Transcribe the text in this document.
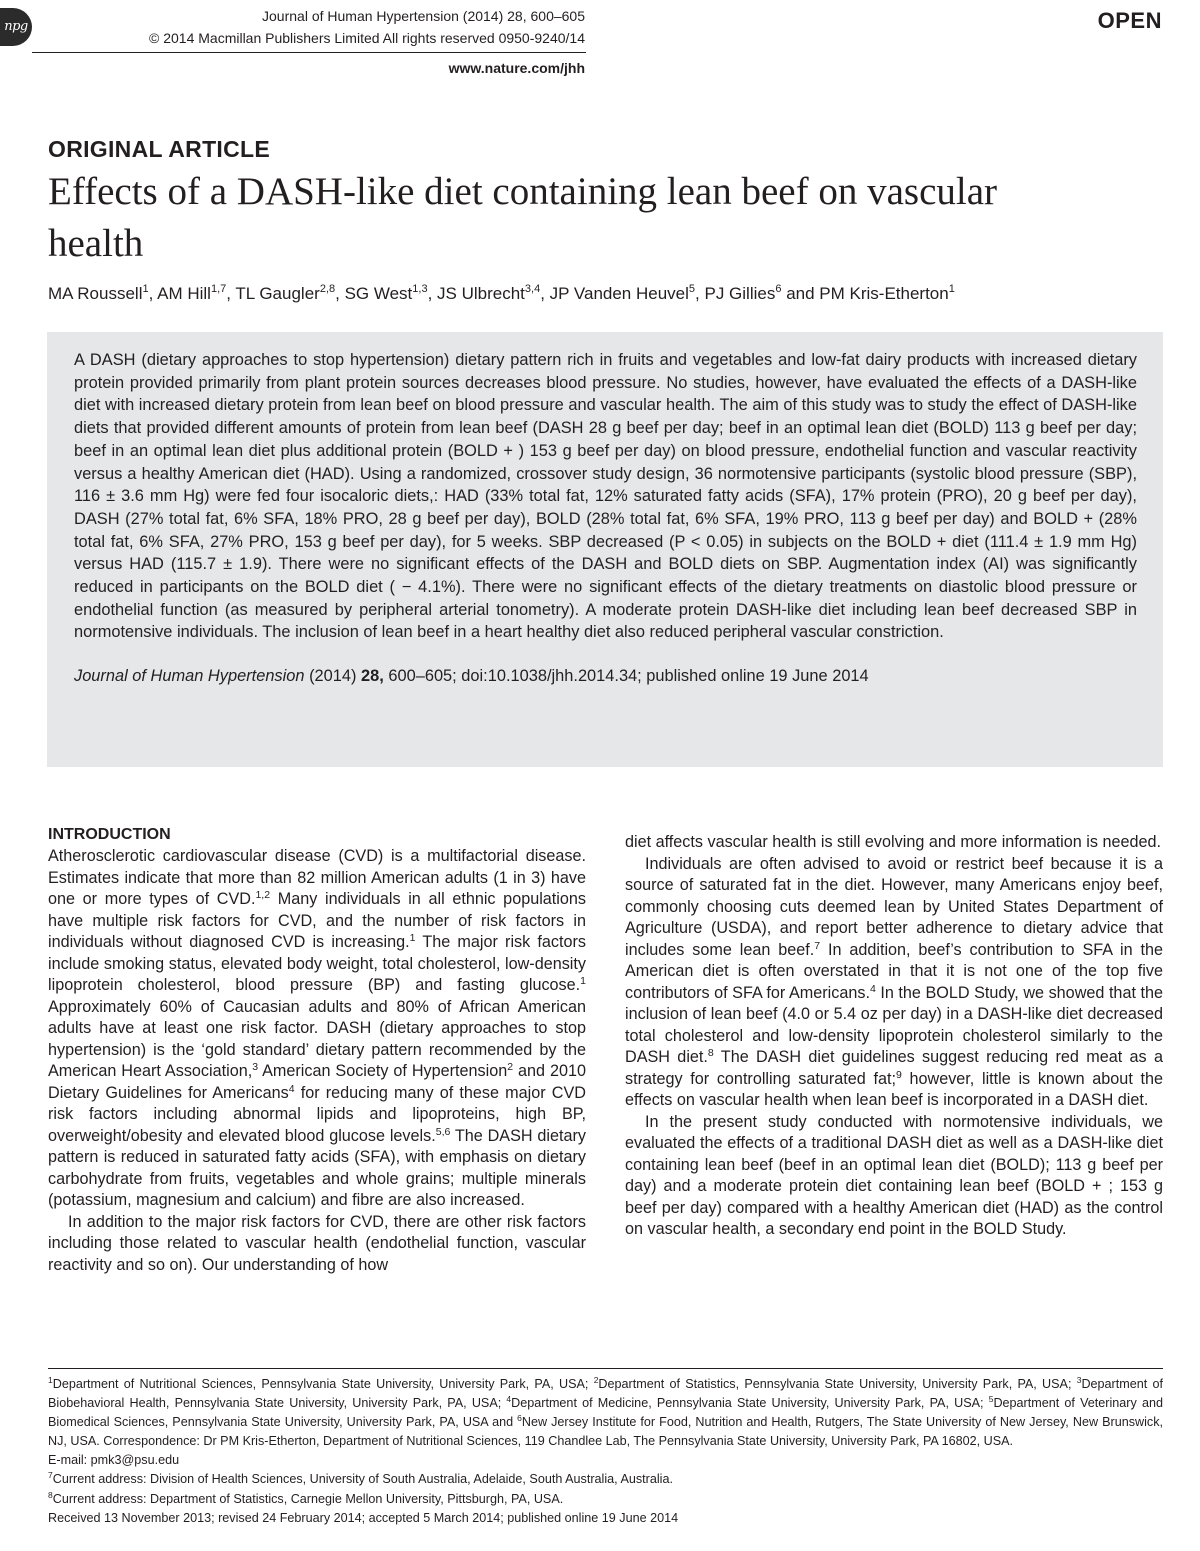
npg
Journal of Human Hypertension (2014) 28, 600–605
© 2014 Macmillan Publishers Limited All rights reserved 0950-9240/14
www.nature.com/jhh
OPEN
ORIGINAL ARTICLE
Effects of a DASH-like diet containing lean beef on vascular health
MA Roussell$^1$, AM Hill$^{1,7}$, TL Gaugler$^{2,8}$, SG West$^{1,3}$, JS Ulbrecht$^{3,4}$, JP Vanden Heuvel$^5$, PJ Gillies$^6$ and PM Kris-Etherton$^1$

A DASH (dietary approaches to stop hypertension) dietary pattern rich in fruits and vegetables and low-fat dairy products with increased dietary protein provided primarily from plant protein sources decreases blood pressure. No studies, however, have evaluated the effects of a DASH-like diet with increased dietary protein from lean beef on blood pressure and vascular health. The aim of this study was to study the effect of DASH-like diets that provided different amounts of protein from lean beef (DASH 28 g beef per day; beef in an optimal lean diet (BOLD) 113 g beef per day; beef in an optimal lean diet plus additional protein (BOLD + ) 153 g beef per day) on blood pressure, endothelial function and vascular reactivity versus a healthy American diet (HAD). Using a randomized, crossover study design, 36 normotensive participants (systolic blood pressure (SBP), 116 ± 3.6 mm Hg) were fed four isocaloric diets,: HAD (33% total fat, 12% saturated fatty acids (SFA), 17% protein (PRO), 20 g beef per day), DASH (27% total fat, 6% SFA, 18% PRO, 28 g beef per day), BOLD (28% total fat, 6% SFA, 19% PRO, 113 g beef per day) and BOLD + (28% total fat, 6% SFA, 27% PRO, 153 g beef per day), for 5 weeks. SBP decreased (P < 0.05) in subjects on the BOLD + diet (111.4 ± 1.9 mm Hg) versus HAD (115.7 ± 1.9). There were no significant effects of the DASH and BOLD diets on SBP. Augmentation index (AI) was significantly reduced in participants on the BOLD diet ( − 4.1%). There were no significant effects of the dietary treatments on diastolic blood pressure or endothelial function (as measured by peripheral arterial tonometry). A moderate protein DASH-like diet including lean beef decreased SBP in normotensive individuals. The inclusion of lean beef in a heart healthy diet also reduced peripheral vascular constriction.

Journal of Human Hypertension (2014) 28, 600–605; doi:10.1038/jhh.2014.34; published online 19 June 2014

INTRODUCTION

Atherosclerotic cardiovascular disease (CVD) is a multifactorial disease. Estimates indicate that more than 82 million American adults (1 in 3) have one or more types of CVD.$^{1,2}$ Many individuals in all ethnic populations have multiple risk factors for CVD, and the number of risk factors in individuals without diagnosed CVD is increasing.$^1$ The major risk factors include smoking status, elevated body weight, total cholesterol, low-density lipoprotein cholesterol, blood pressure (BP) and fasting glucose.$^1$ Approximately 60% of Caucasian adults and 80% of African American adults have at least one risk factor. DASH (dietary approaches to stop hypertension) is the ‘gold standard’ dietary pattern recommended by the American Heart Association,$^3$ American Society of Hypertension$^2$ and 2010 Dietary Guidelines for Americans$^4$ for reducing many of these major CVD risk factors including abnormal lipids and lipoproteins, high BP, overweight/obesity and elevated blood glucose levels.$^{5,6}$ The DASH dietary pattern is reduced in saturated fatty acids (SFA), with emphasis on dietary carbohydrate from fruits, vegetables and whole grains; multiple minerals (potassium, magnesium and calcium) and fibre are also increased.

In addition to the major risk factors for CVD, there are other risk factors including those related to vascular health (endothelial function, vascular reactivity and so on). Our understanding of how

diet affects vascular health is still evolving and more information is needed.

Individuals are often advised to avoid or restrict beef because it is a source of saturated fat in the diet. However, many Americans enjoy beef, commonly choosing cuts deemed lean by United States Department of Agriculture (USDA), and report better adherence to dietary advice that includes some lean beef.$^7$ In addition, beef’s contribution to SFA in the American diet is often overstated in that it is not one of the top five contributors of SFA for Americans.$^4$ In the BOLD Study, we showed that the inclusion of lean beef (4.0 or 5.4 oz per day) in a DASH-like diet decreased total cholesterol and low-density lipoprotein cholesterol similarly to the DASH diet.$^8$ The DASH diet guidelines suggest reducing red meat as a strategy for controlling saturated fat;$^9$ however, little is known about the effects on vascular health when lean beef is incorporated in a DASH diet.

In the present study conducted with normotensive individuals, we evaluated the effects of a traditional DASH diet as well as a DASH-like diet containing lean beef (beef in an optimal lean diet (BOLD); 113 g beef per day) and a moderate protein diet containing lean beef (BOLD + ; 153 g beef per day) compared with a healthy American diet (HAD) as the control on vascular health, a secondary end point in the BOLD Study.

$^1$Department of Nutritional Sciences, Pennsylvania State University, University Park, PA, USA; $^2$Department of Statistics, Pennsylvania State University, University Park, PA, USA; $^3$Department of Biobehavioral Health, Pennsylvania State University, University Park, PA, USA; $^4$Department of Medicine, Pennsylvania State University, University Park, PA, USA; $^5$Department of Veterinary and Biomedical Sciences, Pennsylvania State University, University Park, PA, USA and $^6$New Jersey Institute for Food, Nutrition and Health, Rutgers, The State University of New Jersey, New Brunswick, NJ, USA. Correspondence: Dr PM Kris-Etherton, Department of Nutritional Sciences, 119 Chandlee Lab, The Pennsylvania State University, University Park, PA 16802, USA.
E-mail: pmk3@psu.edu
$^7$Current address: Division of Health Sciences, University of South Australia, Adelaide, South Australia, Australia.
$^8$Current address: Department of Statistics, Carnegie Mellon University, Pittsburgh, PA, USA.
Received 13 November 2013; revised 24 February 2014; accepted 5 March 2014; published online 19 June 2014
